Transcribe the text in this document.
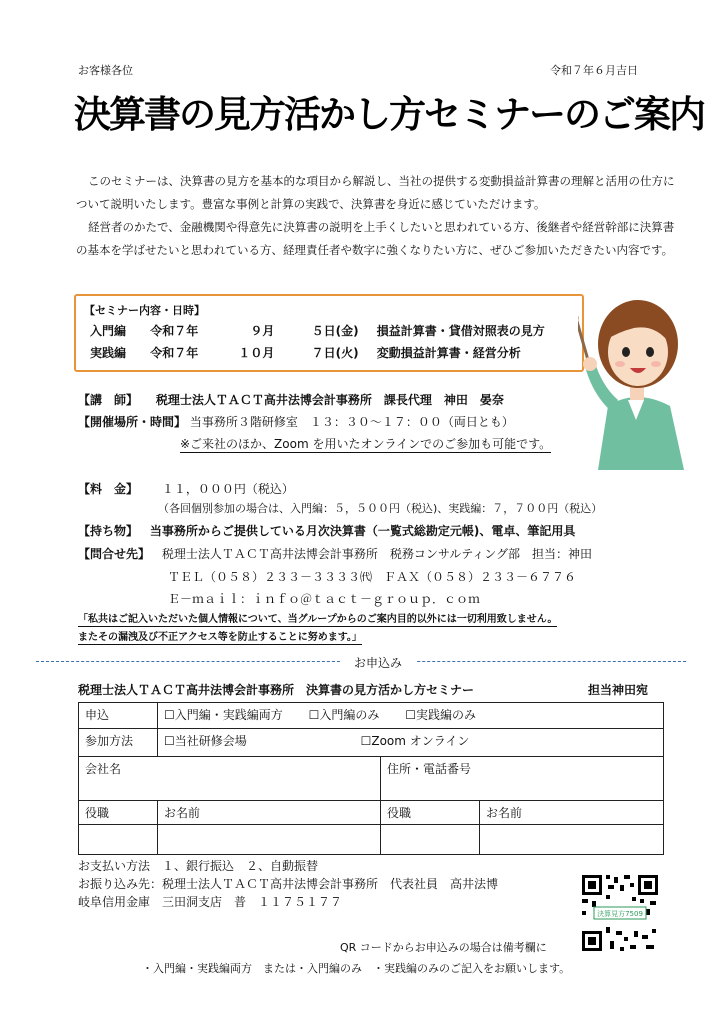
お客様各位	令和７年６月吉日
決算書の見方活かし方セミナーのご案内

このセミナーは、決算書の見方を基本的な項目から解説し、当社の提供する変動損益計算書の理解と活用の仕方について説明いたします。豊富な事例と計算の実践で、決算書を身近に感じていただけます。

経営者のかたで、金融機関や得意先に決算書の説明を上手くしたいと思われている方、後継者や経営幹部に決算書の基本を学ばせたいと思われている方、経理責任者や数字に強くなりたい方に、ぜひご参加いただきたい内容です。

【セミナー内容・日時】
入門編 令和７年	９月	５日(金) 損益計算書・貸借対照表の見方
実践編 令和７年	１０月	７日(火) 変動損益計算書・経営分析
【講　師】 税理士法人ＴＡＣＴ高井法博会計事務所　課長代理　神田　晏奈
【開催場所・時間】 当事務所３階研修室　１３：３０～１７：００（両日とも）
※ご来社のほか、Zoom を用いたオンラインでのご参加も可能です。
【料　金】 １１，０００円（税込）
（各回個別参加の場合は、入門編：５，５００円（税込)、実践編：７，７００円（税込）
【持ち物】 当事務所からご提供している月次決算書（一覧式総勘定元帳)、電卓、筆記用具
【問合せ先】 税理士法人ＴＡＣＴ高井法博会計事務所　税務コンサルティング部　担当：神田
ＴＥＬ（０５８）２３３－３３３３㈹　ＦＡＸ（０５８）２３３－６７７６
Ｅ－ｍａｉｌ：ｉｎｆｏ＠ｔａｃｔ－ｇｒｏｕｐ．ｃｏｍ
「私共はご記入いただいた個人情報について、当グループからのご案内目的以外には一切利用致しません。
またその漏洩及び不正アクセス等を防止することに努めます。」
お申込み
税理士法人ＴＡＣＴ高井法博会計事務所　決算書の見方活かし方セミナー	担当神田宛
申込	☐入門編・実践編両方 ☐入門編のみ ☐実践編のみ		
参加方法	☐当社研修会場 ☐Zoom オンライン		
会社名		住所・電話番号	
役職	お名前	役職	お名前

お支払い方法　１、銀行振込　２、自動振替
お振り込み先：税理士法人ＴＡＣＴ高井法博会計事務所　代表社員　高井法博
岐阜信用金庫　三田洞支店　普　１１７５１７７
決算見方7509
QR コードからお申込みの場合は備考欄に
・入門編・実践編両方　または・入門編のみ　・実践編のみのご記入をお願いします。
